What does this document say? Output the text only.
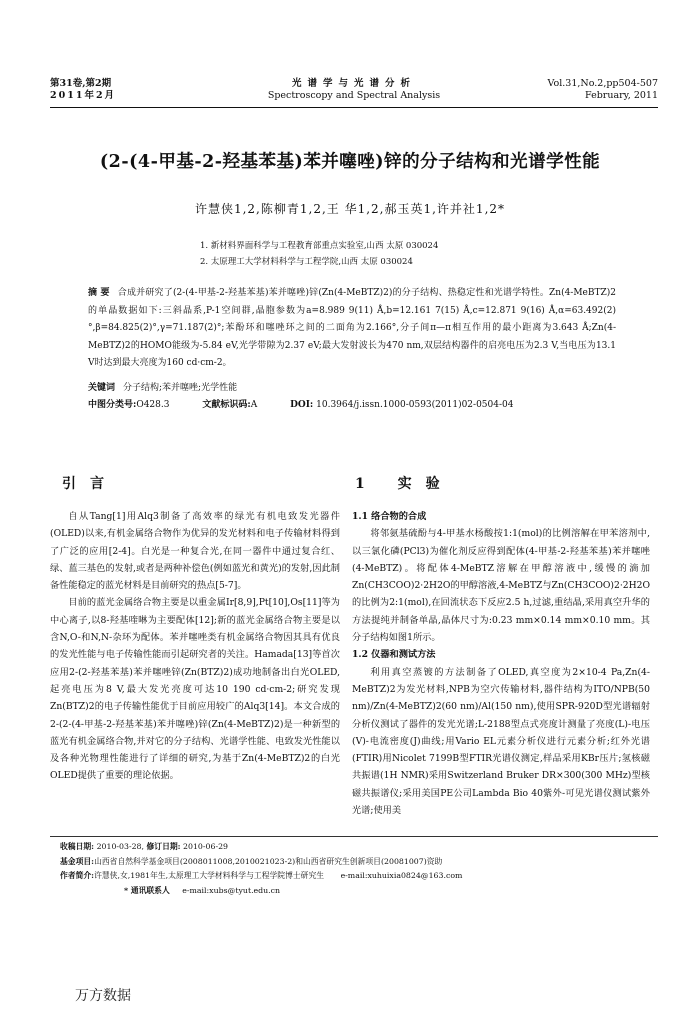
第31卷,第2期
2011年2月
光谱学与光谱分析
Spectroscopy and Spectral Analysis
Vol.31,No.2,pp504-507
February, 2011
(2-(4-甲基-2-羟基苯基)苯并噻唑)锌的分子结构和光谱学性能
许慧侠1,2,陈柳青1,2,王 华1,2,郝玉英1,许并社1,2*
1. 新材料界面科学与工程教育部重点实验室,山西 太原 030024
2. 太原理工大学材料科学与工程学院,山西 太原 030024
摘 要 合成并研究了(2-(4-甲基-2-羟基苯基)苯并噻唑)锌(Zn(4-MeBTZ)2)的分子结构、热稳定性和光谱学特性。Zn(4-MeBTZ)2的单晶数据如下:三斜晶系,P-1空间群,晶胞参数为a=8.989 9(11) Å,b=12.161 7(15) Å,c=12.871 9(16) Å,α=63.492(2)°,β=84.825(2)°,γ=71.187(2)°;苯酚环和噻唑环之间的二面角为2.166°,分子间π—π相互作用的最小距离为3.643 Å;Zn(4-MeBTZ)2的HOMO能级为-5.84 eV,光学带隙为2.37 eV;最大发射波长为470 nm,双层结构器件的启亮电压为2.3 V,当电压为13.1 V时达到最大亮度为160 cd·cm-2。
关键词 分子结构;苯并噻唑;光学性能
中图分类号:O428.3	文献标识码:A	DOI: 10.3964/j.issn.1000-0593(2011)02-0504-04
引言	1 实验

自从Tang[1]用Alq3制备了高效率的绿光有机电致发光器件(OLED)以来,有机金属络合物作为优异的发光材料和电子传输材料得到了广泛的应用[2-4]。白光是一种复合光,在同一器件中通过复合红、绿、蓝三基色的发射,或者是两种补偿色(例如蓝光和黄光)的发射,因此制备性能稳定的蓝光材料是目前研究的热点[5-7]。

目前的蓝光金属络合物主要是以重金属Ir[8,9],Pt[10],Os[11]等为中心离子,以8-羟基喹啉为主要配体[12];新的蓝光金属络合物主要是以含N,O-和N,N-杂环为配体。苯并噻唑类有机金属络合物因其具有优良的发光性能与电子传输性能而引起研究者的关注。Hamada[13]等首次应用2-(2-羟基苯基)苯并噻唑锌(Zn(BTZ)2)成功地制备出白光OLED,起亮电压为8 V,最大发光亮度可达10 190 cd·cm-2;研究发现Zn(BTZ)2的电子传输性能优于目前应用较广的Alq3[14]。本文合成的2-(2-(4-甲基-2-羟基苯基)苯并噻唑)锌(Zn(4-MeBTZ)2)是一种新型的蓝光有机金属络合物,并对它的分子结构、光谱学性能、电致发光性能以及各种光物理性能进行了详细的研究,为基于Zn(4-MeBTZ)2的白光OLED提供了重要的理论依据。

1.1 络合物的合成

将邻氨基硫酚与4-甲基水杨酸按1:1(mol)的比例溶解在甲苯溶剂中,以三氯化磷(PCl3)为催化剂反应得到配体(4-甲基-2-羟基苯基)苯并噻唑(4-MeBTZ)。将配体4-MeBTZ溶解在甲醇溶液中,缓慢的滴加Zn(CH3COO)2·2H2O的甲醇溶液,4-MeBTZ与Zn(CH3COO)2·2H2O的比例为2:1(mol),在回流状态下反应2.5 h,过滤,重结晶,采用真空升华的方法提纯并制备单晶,晶体尺寸为:0.23 mm×0.14 mm×0.10 mm。其分子结构如图1所示。

1.2 仪器和测试方法

利用真空蒸镀的方法制备了OLED,真空度为2×10-4 Pa,Zn(4-MeBTZ)2为发光材料,NPB为空穴传输材料,器件结构为ITO/NPB(50 nm)/Zn(4-MeBTZ)2(60 nm)/Al(150 nm),使用SPR-920D型光谱辐射分析仪测试了器件的发光光谱;L-2188型点式亮度计测量了亮度(L)-电压(V)-电流密度(J)曲线;用Vario EL元素分析仪进行元素分析;红外光谱(FTIR)用Nicolet 7199B型FTIR光谱仪测定,样品采用KBr压片;氢核磁共振谱(1H NMR)采用Switzerland Bruker DR×300(300 MHz)型核磁共振谱仪;采用美国PE公司Lambda Bio 40紫外-可见光谱仪测试紫外光谱;使用美

收稿日期: 2010-03-28, 修订日期: 2010-06-29
基金项目:山西省自然科学基金项目(2008011008,2010021023-2)和山西省研究生创新项目(20081007)资助
作者简介:许慧侠,女,1981年生,太原理工大学材料科学与工程学院博士研究生 e-mail:xuhuixia0824@163.com
* 通讯联系人 e-mail:xubs@tyut.edu.cn
万方数据
